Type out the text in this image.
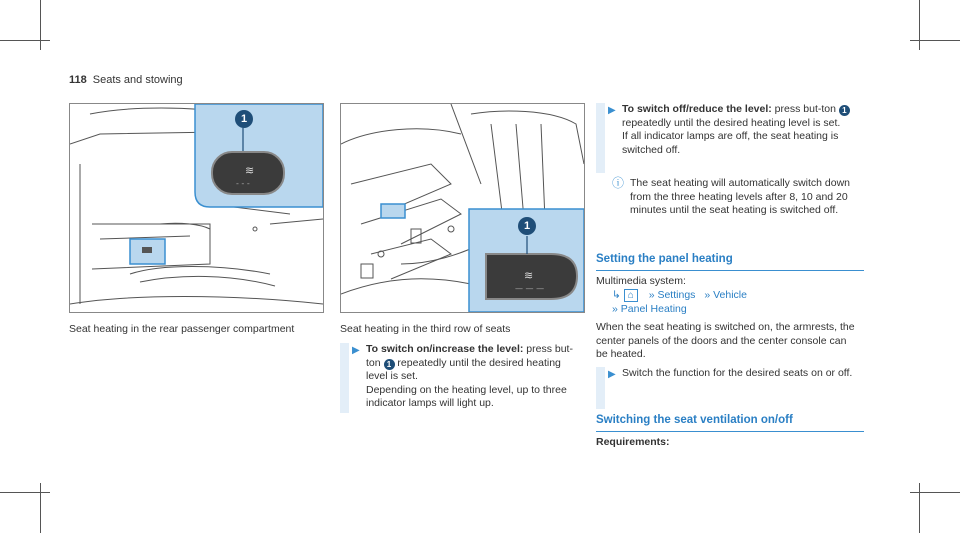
118 Seats and stowing
≋
- - -
1
Seat heating in the rear passenger compartment
≋
— — —
1
Seat heating in the third row of seats
▶ To switch on/increase the level: press but-ton 1 repeatedly until the desired heating level is set.
Depending on the heating level, up to three indicator lamps will light up.
▶ To switch off/reduce the level: press but-ton 1 repeatedly until the desired heating level is set.
If all indicator lamps are off, the seat heating is switched off.
ⓘ The seat heating will automatically switch down from the three heating levels after 8, 10 and 20 minutes until the seat heating is switched off.
Setting the panel heating
Multimedia system:
↳ ⌂ » Settings » Vehicle
» Panel Heating
When the seat heating is switched on, the armrests, the center panels of the doors and the center console can be heated.
▶ Switch the function for the desired seats on or off.
Switching the seat ventilation on/off
Requirements:
